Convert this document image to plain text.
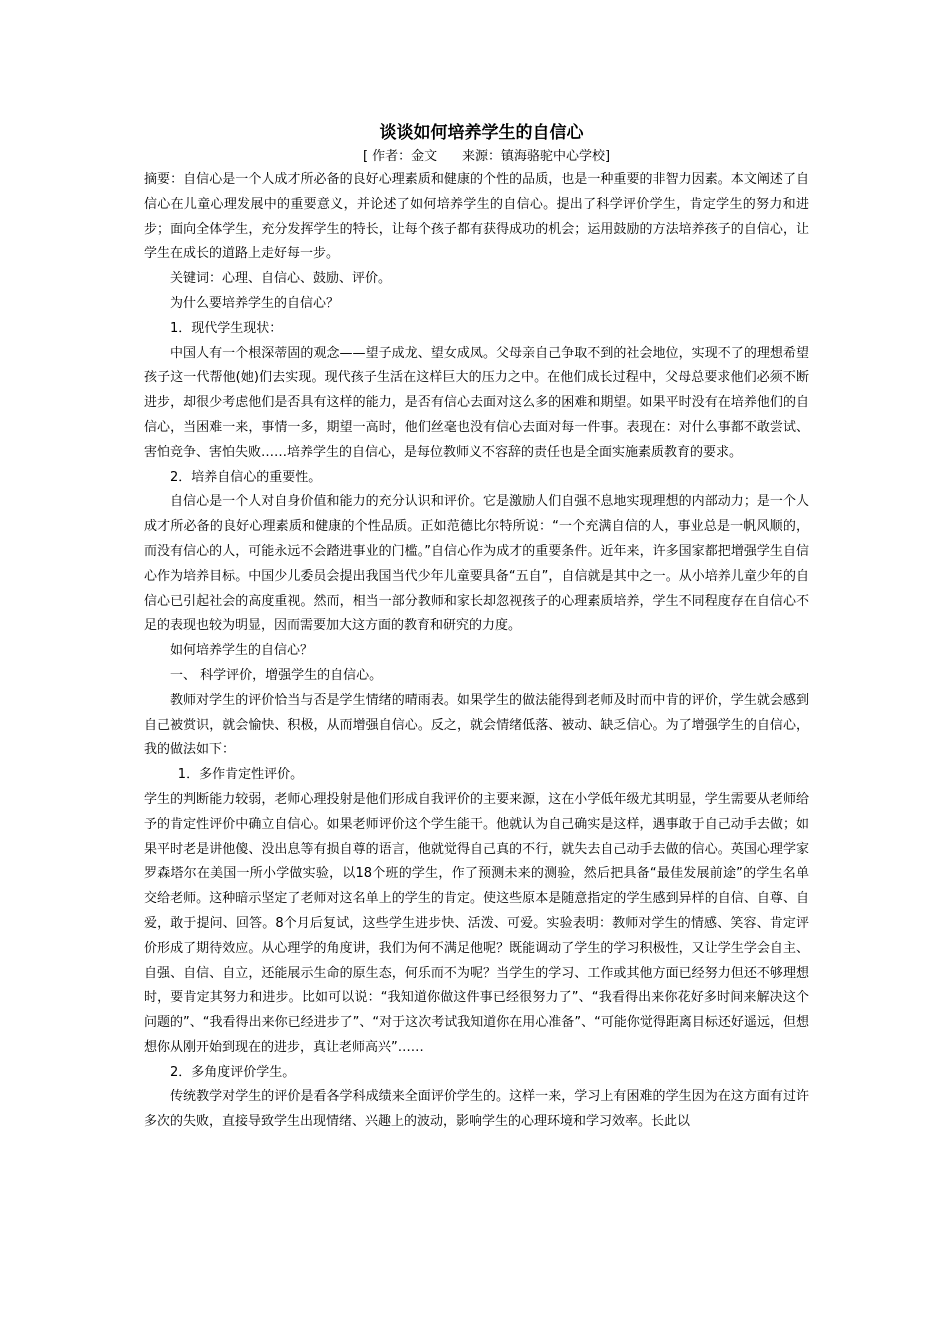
谈谈如何培养学生的自信心
[ 作者：金文      来源：镇海骆驼中心学校]

摘要：自信心是一个人成才所必备的良好心理素质和健康的个性的品质，也是一种重要的非智力因素。本文阐述了自信心在儿童心理发展中的重要意义，并论述了如何培养学生的自信心。提出了科学评价学生，肯定学生的努力和进步；面向全体学生，充分发挥学生的特长，让每个孩子都有获得成功的机会；运用鼓励的方法培养孩子的自信心，让学生在成长的道路上走好每一步。

关键词：心理、自信心、鼓励、评价。

为什么要培养学生的自信心？

1．现代学生现状：

中国人有一个根深蒂固的观念——望子成龙、望女成凤。父母亲自己争取不到的社会地位，实现不了的理想希望孩子这一代帮他(她)们去实现。现代孩子生活在这样巨大的压力之中。在他们成长过程中，父母总要求他们必须不断进步，却很少考虑他们是否具有这样的能力，是否有信心去面对这么多的困难和期望。如果平时没有在培养他们的自信心，当困难一来，事情一多，期望一高时，他们丝毫也没有信心去面对每一件事。表现在：对什么事都不敢尝试、害怕竞争、害怕失败……培养学生的自信心，是每位教师义不容辞的责任也是全面实施素质教育的要求。

2．培养自信心的重要性。

自信心是一个人对自身价值和能力的充分认识和评价。它是激励人们自强不息地实现理想的内部动力；是一个人成才所必备的良好心理素质和健康的个性品质。正如范德比尔特所说：“一个充满自信的人，事业总是一帆风顺的，而没有信心的人，可能永远不会踏进事业的门槛。”自信心作为成才的重要条件。近年来，许多国家都把增强学生自信心作为培养目标。中国少儿委员会提出我国当代少年儿童要具备“五自”，自信就是其中之一。从小培养儿童少年的自信心已引起社会的高度重视。然而，相当一部分教师和家长却忽视孩子的心理素质培养，学生不同程度存在自信心不足的表现也较为明显，因而需要加大这方面的教育和研究的力度。

如何培养学生的自信心？

一、 科学评价，增强学生的自信心。

教师对学生的评价恰当与否是学生情绪的晴雨表。如果学生的做法能得到老师及时而中肯的评价，学生就会感到自己被赏识，就会愉快、积极，从而增强自信心。反之，就会情绪低落、被动、缺乏信心。为了增强学生的自信心，我的做法如下：

1．多作肯定性评价。

学生的判断能力较弱，老师心理投射是他们形成自我评价的主要来源，这在小学低年级尤其明显，学生需要从老师给予的肯定性评价中确立自信心。如果老师评价这个学生能干。他就认为自己确实是这样，遇事敢于自己动手去做；如果平时老是讲他傻、没出息等有损自尊的语言，他就觉得自己真的不行，就失去自己动手去做的信心。英国心理学家罗森塔尔在美国一所小学做实验，以18个班的学生，作了预测未来的测验，然后把具备“最佳发展前途”的学生名单交给老师。这种暗示坚定了老师对这名单上的学生的肯定。使这些原本是随意指定的学生感到异样的自信、自尊、自爱，敢于提问、回答。8个月后复试，这些学生进步快、活泼、可爱。实验表明：教师对学生的情感、笑容、肯定评价形成了期待效应。从心理学的角度讲，我们为何不满足他呢？既能调动了学生的学习积极性，又让学生学会自主、自强、自信、自立，还能展示生命的原生态，何乐而不为呢？当学生的学习、工作或其他方面已经努力但还不够理想时，要肯定其努力和进步。比如可以说：“我知道你做这件事已经很努力了”、“我看得出来你花好多时间来解决这个问题的”、“我看得出来你已经进步了”、“对于这次考试我知道你在用心准备”、“可能你觉得距离目标还好遥远，但想想你从刚开始到现在的进步，真让老师高兴”……

2．多角度评价学生。

传统教学对学生的评价是看各学科成绩来全面评价学生的。这样一来，学习上有困难的学生因为在这方面有过许多次的失败，直接导致学生出现情绪、兴趣上的波动，影响学生的心理环境和学习效率。长此以
